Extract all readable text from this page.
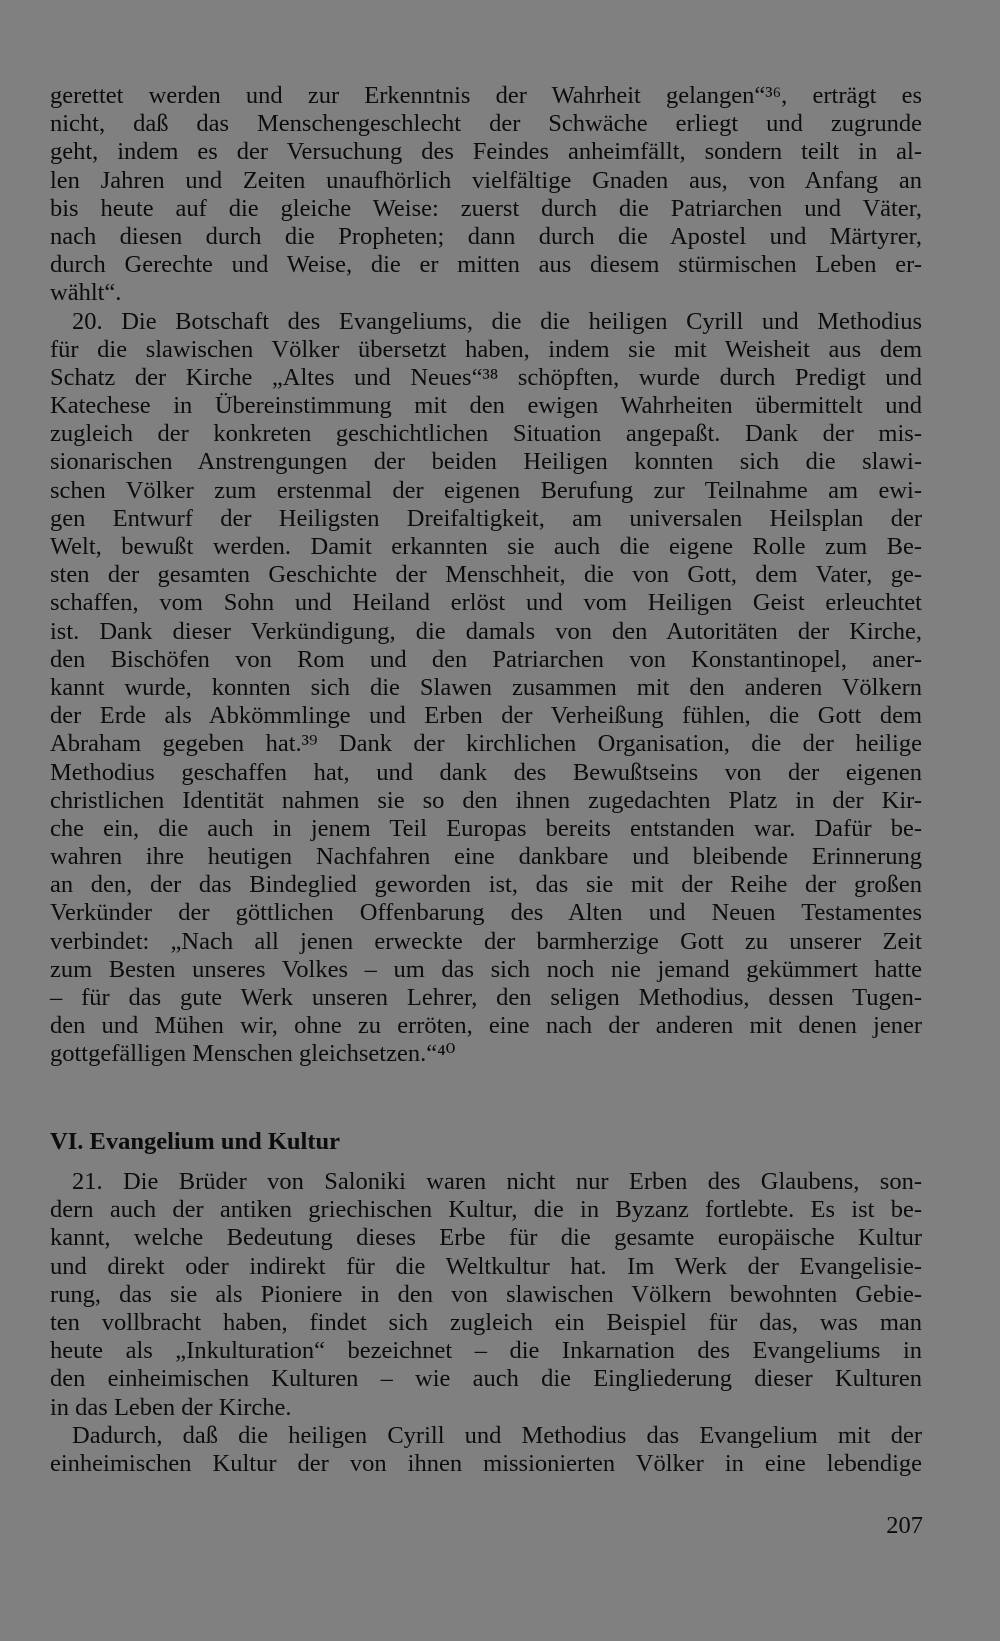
gerettet werden und zur Erkenntnis der Wahrheit gelangen“³⁶, erträgt es
nicht, daß das Menschengeschlecht der Schwäche erliegt und zugrunde
geht, indem es der Versuchung des Feindes anheimfällt, sondern teilt in al-
len Jahren und Zeiten unaufhörlich vielfältige Gnaden aus, von Anfang an
bis heute auf die gleiche Weise: zuerst durch die Patriarchen und Väter,
nach diesen durch die Propheten; dann durch die Apostel und Märtyrer,
durch Gerechte und Weise, die er mitten aus diesem stürmischen Leben er-
wählt“.
20. Die Botschaft des Evangeliums, die die heiligen Cyrill und Methodius
für die slawischen Völker übersetzt haben, indem sie mit Weisheit aus dem
Schatz der Kirche „Altes und Neues“³⁸ schöpften, wurde durch Predigt und
Katechese in Übereinstimmung mit den ewigen Wahrheiten übermittelt und
zugleich der konkreten geschichtlichen Situation angepaßt. Dank der mis-
sionarischen Anstrengungen der beiden Heiligen konnten sich die slawi-
schen Völker zum erstenmal der eigenen Berufung zur Teilnahme am ewi-
gen Entwurf der Heiligsten Dreifaltigkeit, am universalen Heilsplan der
Welt, bewußt werden. Damit erkannten sie auch die eigene Rolle zum Be-
sten der gesamten Geschichte der Menschheit, die von Gott, dem Vater, ge-
schaffen, vom Sohn und Heiland erlöst und vom Heiligen Geist erleuchtet
ist. Dank dieser Verkündigung, die damals von den Autoritäten der Kirche,
den Bischöfen von Rom und den Patriarchen von Konstantinopel, aner-
kannt wurde, konnten sich die Slawen zusammen mit den anderen Völkern
der Erde als Abkömmlinge und Erben der Verheißung fühlen, die Gott dem
Abraham gegeben hat.³⁹ Dank der kirchlichen Organisation, die der heilige
Methodius geschaffen hat, und dank des Bewußtseins von der eigenen
christlichen Identität nahmen sie so den ihnen zugedachten Platz in der Kir-
che ein, die auch in jenem Teil Europas bereits entstanden war. Dafür be-
wahren ihre heutigen Nachfahren eine dankbare und bleibende Erinnerung
an den, der das Bindeglied geworden ist, das sie mit der Reihe der großen
Verkünder der göttlichen Offenbarung des Alten und Neuen Testamentes
verbindet: „Nach all jenen erweckte der barmherzige Gott zu unserer Zeit
zum Besten unseres Volkes – um das sich noch nie jemand gekümmert hatte
– für das gute Werk unseren Lehrer, den seligen Methodius, dessen Tugen-
den und Mühen wir, ohne zu erröten, eine nach der anderen mit denen jener
gottgefälligen Menschen gleichsetzen.“⁴⁰
VI. Evangelium und Kultur
21. Die Brüder von Saloniki waren nicht nur Erben des Glaubens, son-
dern auch der antiken griechischen Kultur, die in Byzanz fortlebte. Es ist be-
kannt, welche Bedeutung dieses Erbe für die gesamte europäische Kultur
und direkt oder indirekt für die Weltkultur hat. Im Werk der Evangelisie-
rung, das sie als Pioniere in den von slawischen Völkern bewohnten Gebie-
ten vollbracht haben, findet sich zugleich ein Beispiel für das, was man
heute als „Inkulturation“ bezeichnet – die Inkarnation des Evangeliums in
den einheimischen Kulturen – wie auch die Eingliederung dieser Kulturen
in das Leben der Kirche.
Dadurch, daß die heiligen Cyrill und Methodius das Evangelium mit der
einheimischen Kultur der von ihnen missionierten Völker in eine lebendige
207
